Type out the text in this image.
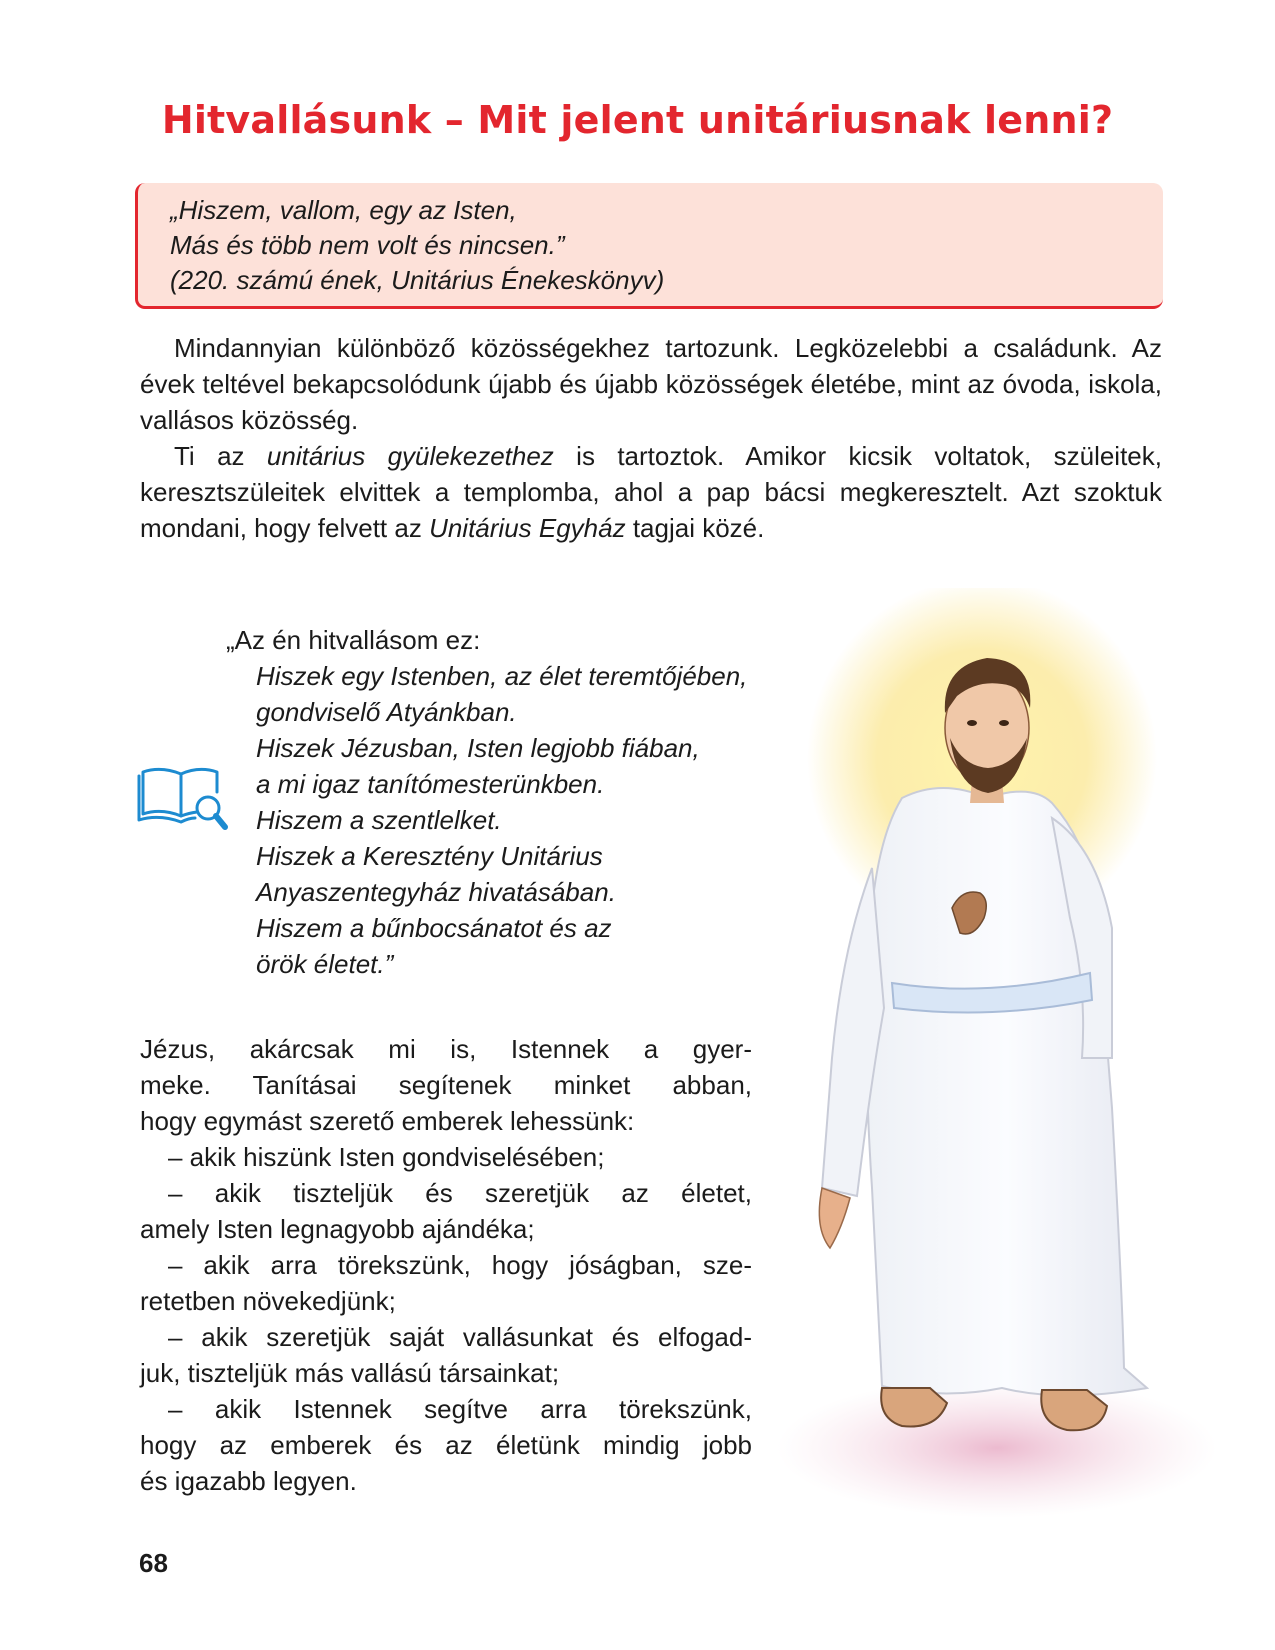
Hitvallásunk – Mit jelent unitáriusnak lenni?
„Hiszem, vallom, egy az Isten,
Más és több nem volt és nincsen.”
(220. számú ének, Unitárius Énekeskönyv)

Mindannyian különböző közösségekhez tartozunk. Legközelebbi a családunk. Az évek teltével bekapcsolódunk újabb és újabb közösségek életébe, mint az óvoda, iskola, vallásos közösség.

Ti az unitárius gyülekezethez is tartoztok. Amikor kicsik voltatok, szüleitek, keresztszüleitek elvittek a templomba, ahol a pap bácsi megkeresztelt. Azt szoktuk mondani, hogy felvett az Unitárius Egyház tagjai közé.

„Az én hitvallásom ez:
Hiszek egy Istenben, az élet teremtőjében,
gondviselő Atyánkban.
Hiszek Jézusban, Isten legjobb fiában,
a mi igaz tanítómesterünkben.
Hiszem a szentlelket.
Hiszek a Keresztény Unitárius
Anyaszentegyház hivatásában.
Hiszem a bűnbocsánatot és az
örök életet.”
Jézus, akárcsak mi is, Istennek a gyer-
meke. Tanításai segítenek minket abban,
hogy egymást szerető emberek lehessünk:
– akik hiszünk Isten gondviselésében;
– akik tiszteljük és szeretjük az életet,
amely Isten legnagyobb ajándéka;
– akik arra törekszünk, hogy jóságban, sze-
retetben növekedjünk;
– akik szeretjük saját vallásunkat és elfogad-
juk, tiszteljük más vallású társainkat;
– akik Istennek segítve arra törekszünk,
hogy az emberek és az életünk mindig jobb
és igazabb legyen.
68
